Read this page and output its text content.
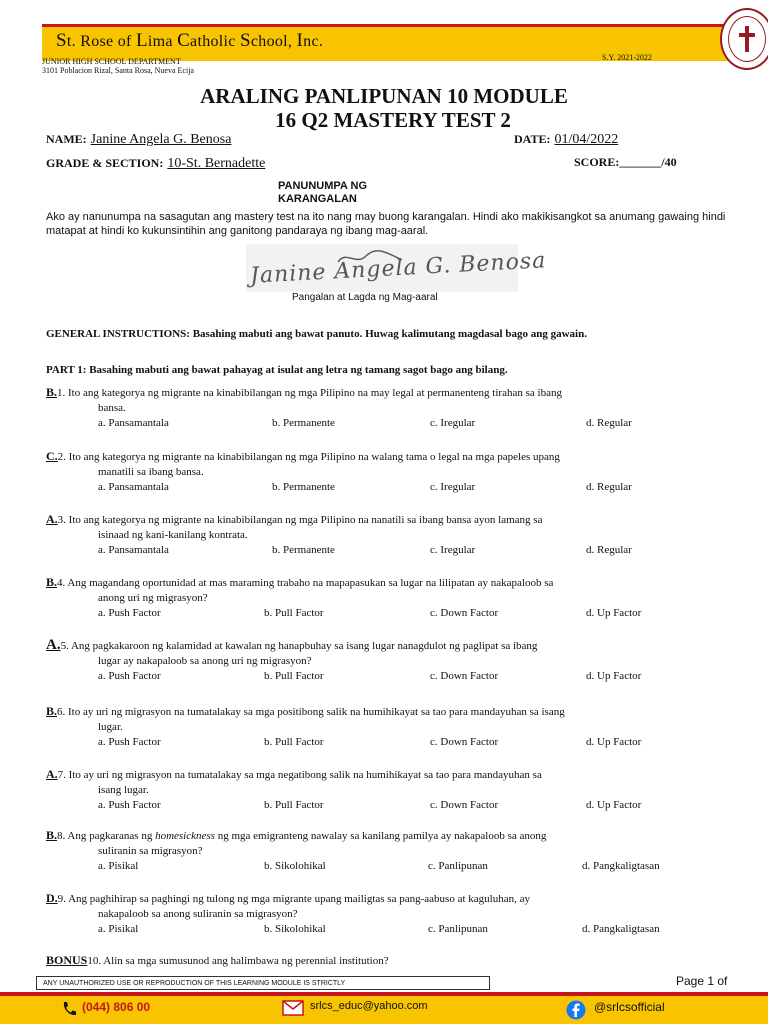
St. Rose of Lima Catholic School, Inc.
JUNIOR HIGH SCHOOL DEPARTMENT
3101 Poblacion Rizal, Santa Rosa, Nueva Ecija
S.Y. 2021-2022
ARALING PANLIPUNAN 10 MODULE
16 Q2 MASTERY TEST 2
NAME: Janine Angela G. Benosa	DATE: 01/04/2022
GRADE & SECTION: 10-St. Bernadette	SCORE:_______/40
PANUNUMPA NG
KARANGALAN
Ako ay nanunumpa na sasagutan ang mastery test na ito nang may buong karangalan. Hindi ako makikisangkot sa anumang gawaing hindi matapat at hindi ko kukunsintihin ang ganitong pandaraya ng ibang mag-aaral.
Janine Angela G. Benosa
Pangalan at Lagda ng Mag-aaral
GENERAL INSTRUCTIONS: Basahing mabuti ang bawat panuto. Huwag kalimutang magdasal bago ang gawain.
PART 1: Basahing mabuti ang bawat pahayag at isulat ang letra ng tamang sagot bago ang bilang.
B.1. Ito ang kategorya ng migrante na kinabibilangan ng mga Pilipino na may legal at permanenteng tirahan sa ibang
bansa.
a. Pansamantala	b. Permanente	c. Iregular	d. Regular
C.2. Ito ang kategorya ng migrante na kinabibilangan ng mga Pilipino na walang tama o legal na mga papeles upang
manatili sa ibang bansa.
a. Pansamantala	b. Permanente	c. Iregular	d. Regular
A.3. Ito ang kategorya ng migrante na kinabibilangan ng mga Pilipino na nanatili sa ibang bansa ayon lamang sa
isinaad ng kani-kanilang kontrata.
a. Pansamantala	b. Permanente	c. Iregular	d. Regular
B.4. Ang magandang oportunidad at mas maraming trabaho na mapapasukan sa lugar na lilipatan ay nakapaloob sa
anong uri ng migrasyon?
a. Push Factor	b. Pull Factor	c. Down Factor	d. Up Factor
A.5. Ang pagkakaroon ng kalamidad at kawalan ng hanapbuhay sa isang lugar nanagdulot ng paglipat sa ibang
lugar ay nakapaloob sa anong uri ng migrasyon?
a. Push Factor	b. Pull Factor	c. Down Factor	d. Up Factor
B.6. Ito ay uri ng migrasyon na tumatalakay sa mga positibong salik na humihikayat sa tao para mandayuhan sa isang
lugar.
a. Push Factor	b. Pull Factor	c. Down Factor	d. Up Factor
A.7. Ito ay uri ng migrasyon na tumatalakay sa mga negatibong salik na humihikayat sa tao para mandayuhan sa
isang lugar.
a. Push Factor	b. Pull Factor	c. Down Factor	d. Up Factor
B.8. Ang pagkaranas ng homesickness ng mga emigranteng nawalay sa kanilang pamilya ay nakapaloob sa anong
suliranin sa migrasyon?
a. Pisikal	b. Sikolohikal	c. Panlipunan	d. Pangkaligtasan
D.9. Ang paghihirap sa paghingi ng tulong ng mga migrante upang mailigtas sa pang-aabuso at kaguluhan, ay
nakapaloob sa anong suliranin sa migrasyon?
a. Pisikal	b. Sikolohikal	c. Panlipunan	d. Pangkaligtasan
BONUS10. Alin sa mga sumusunod ang halimbawa ng perennial institution?
ANY UNAUTHORIZED USE OR REPRODUCTION OF THIS LEARNING MODULE IS STRICTLY	Page 1 of
(044) 806 00	srlcs_educ@yahoo.com	@srlcsofficial
